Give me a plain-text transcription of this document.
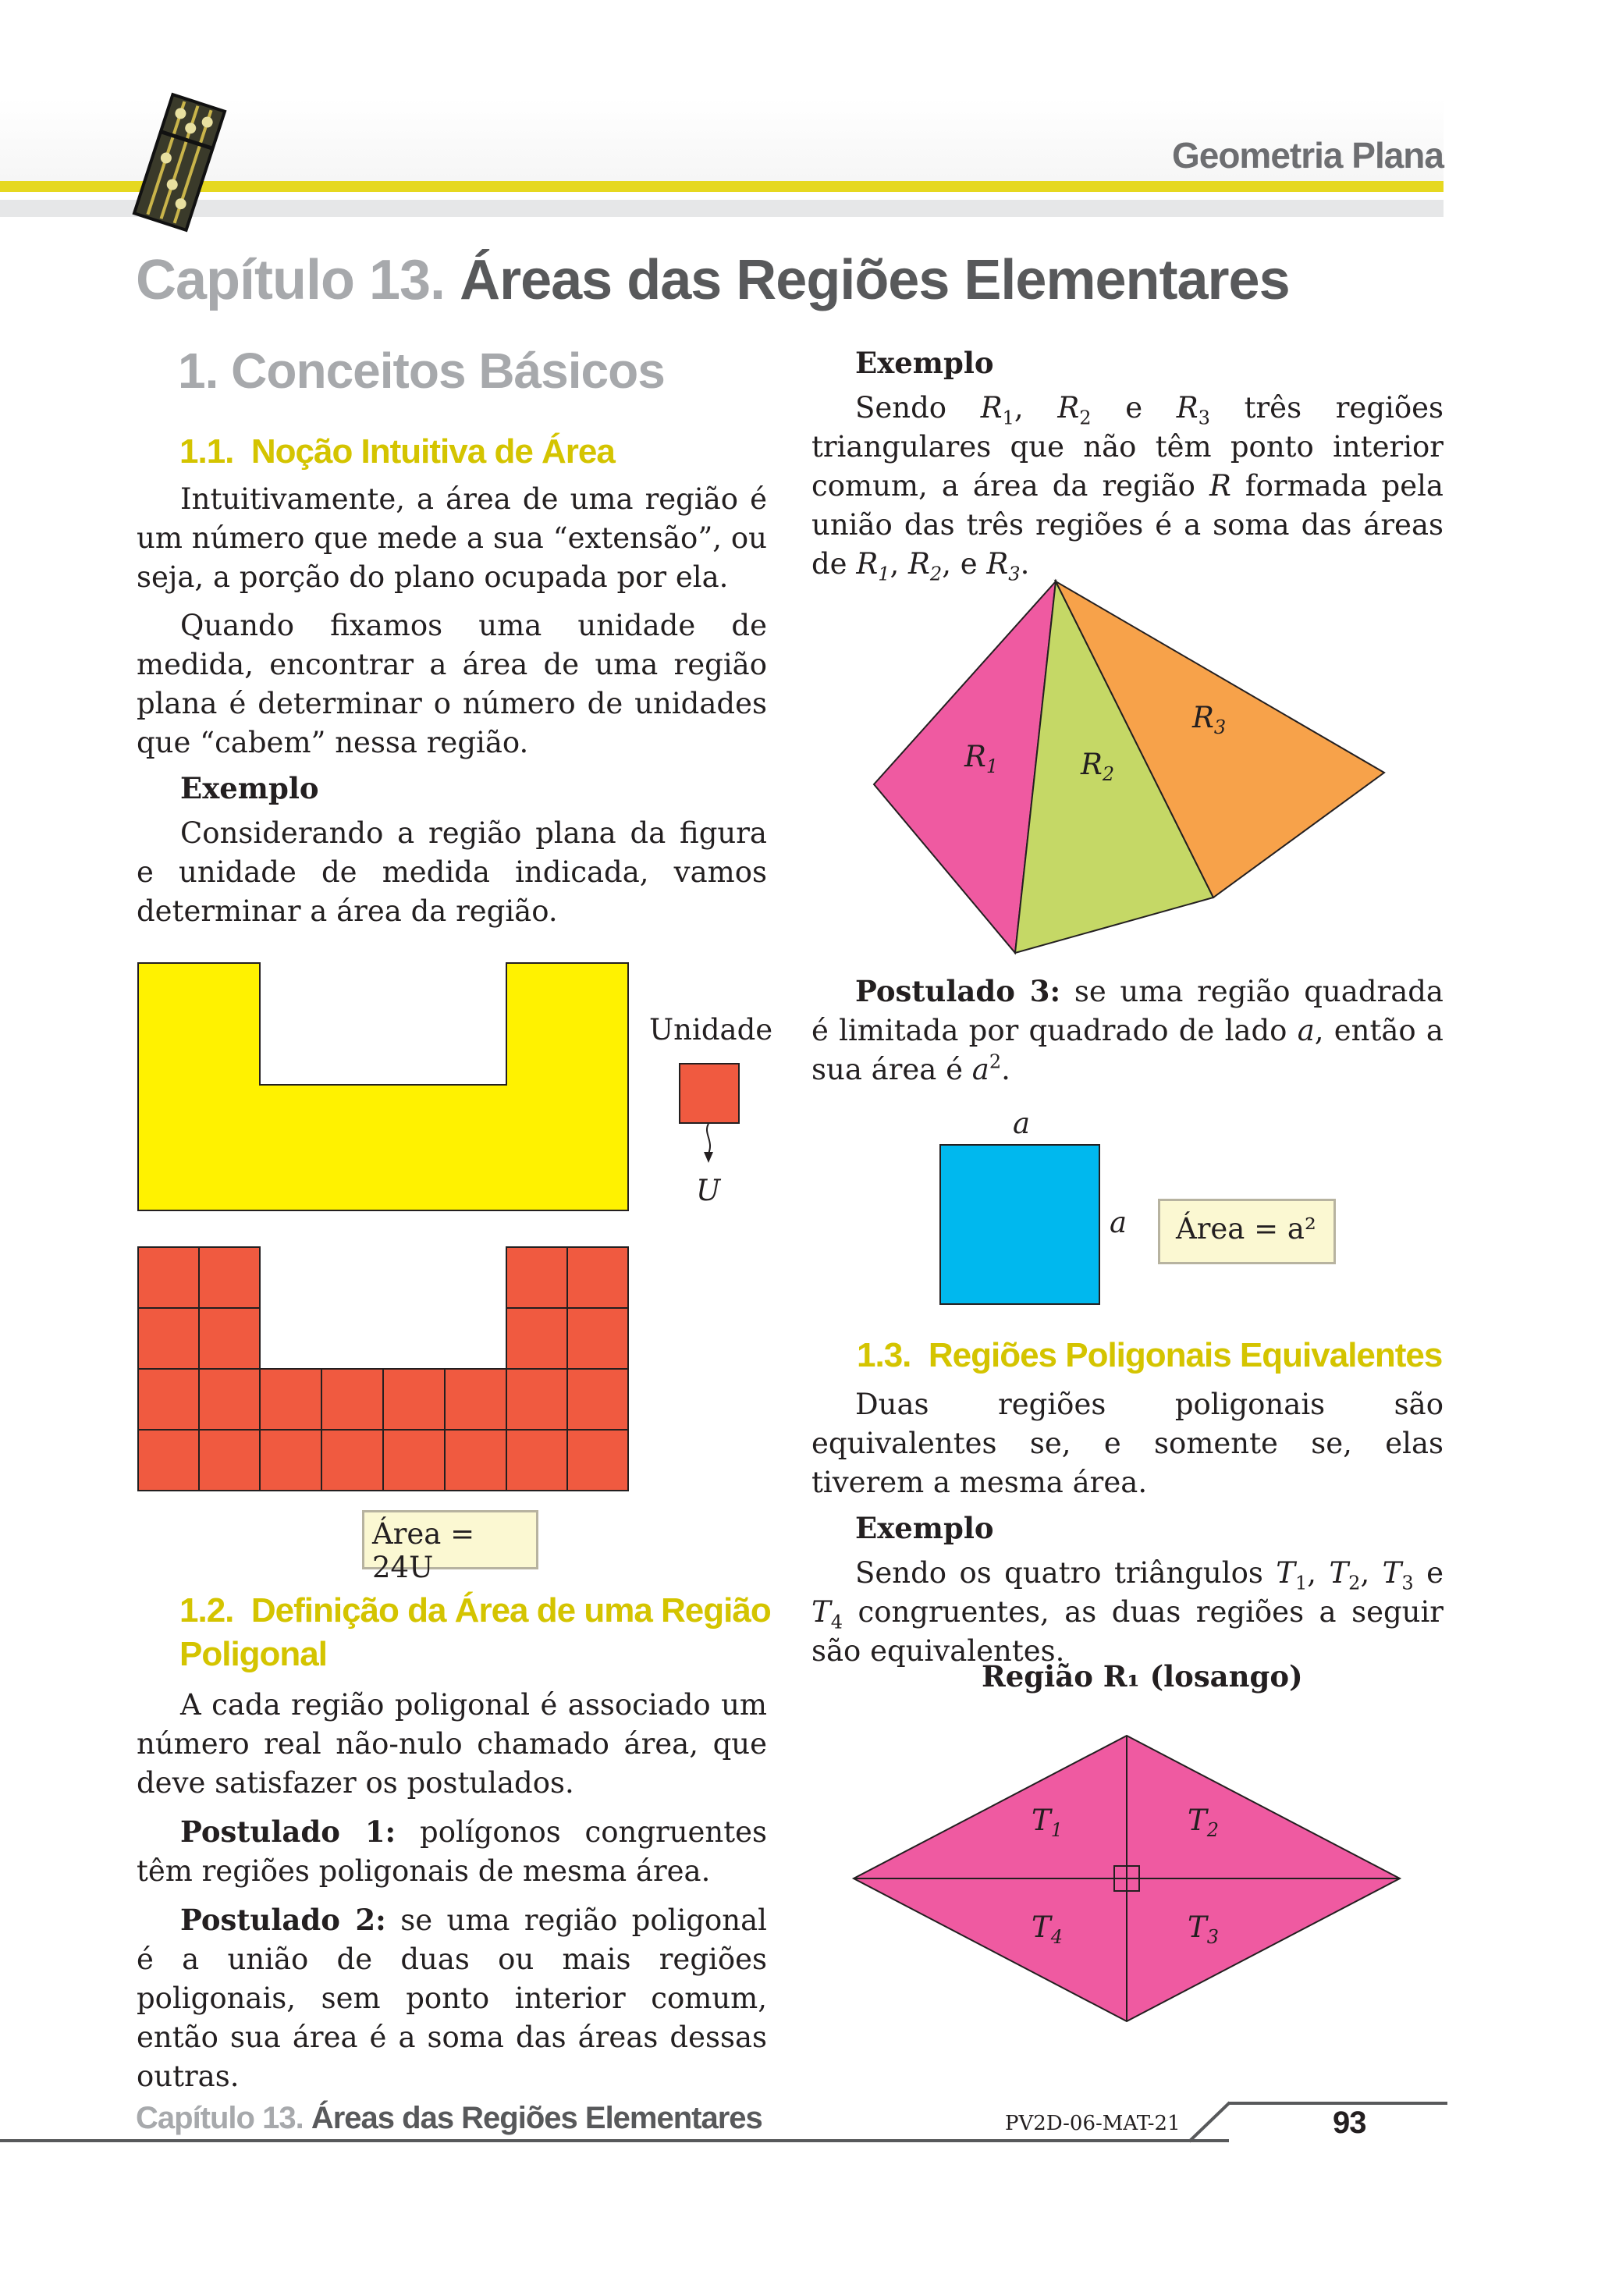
Geometria Plana
Capítulo 13. Áreas das Regiões Elementares
1. Conceitos Básicos
1.1. Noção Intuitiva de Área

Intuitivamente, a área de uma região é um número que mede a sua “extensão”, ou seja, a porção do plano ocupada por ela.

Quando fixamos uma unidade de medida, encontrar a área de uma região plana é determinar o número de unidades que “cabem” nessa região.

Exemplo

Considerando a região plana da figura e unidade de medida indicada, vamos determinar a área da região.

Unidade
U
Área = 24U
1.2. Definição da Área de uma Região
Poligonal

A cada região poligonal é associado um número real não-nulo chamado área, que deve satisfazer os postulados.

Postulado 1: polígonos congruentes têm regiões poligonais de mesma área.

Postulado 2: se uma região poligonal é a união de duas ou mais regiões poligonais, sem ponto interior comum, então sua área é a soma das áreas dessas outras.

Exemplo

Sendo $R_1$, $R_2$ e $R_3$ três regiões triangulares que não têm ponto interior comum, a área da região R formada pela união das três regiões é a soma das áreas de $R_1$, $R_2$, e $R_3$.

$R_1$	$R_2$
$R_3$

Postulado 3: se uma região quadrada é limitada por quadrado de lado a, então a sua área é $a^2$.

a
a	Área = a²
1.3. Regiões Poligonais Equivalentes

Duas regiões poligonais são equivalentes se, e somente se, elas tiverem a mesma área.

Exemplo

Sendo os quatro triângulos $T_1$, $T_2$, $T_3$ e $T_4$ congruentes, as duas regiões a seguir são equivalentes.

Região R₁ (losango)
$T_1$	$T_2$
$T_3$
$T_4$
Capítulo 13. Áreas das Regiões Elementares	PV2D-06-MAT-21	93
